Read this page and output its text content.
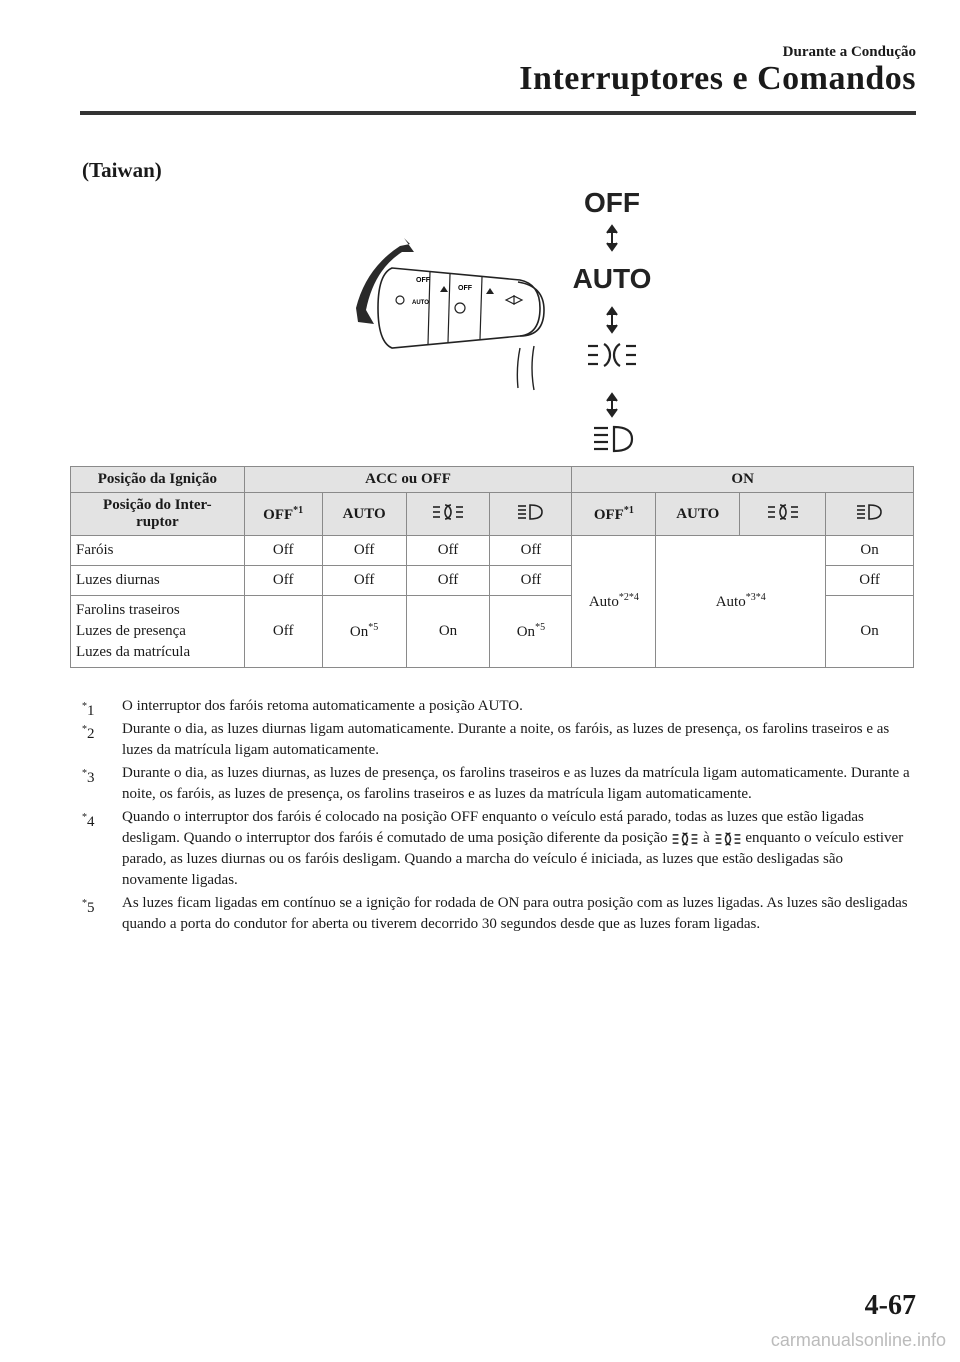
Durante a Condução
Interruptores e Comandos
(Taiwan)
OFF
AUTO
OFF
AUTO
OFF
Posição da Ignição	ACC ou OFF				ON			
Posição do Inter-
ruptor	OFF$^{*1}$	AUTO			OFF$^{*1}$	AUTO		
Faróis	Off	Off	Off	Off	Auto$^{*2*4}$	Auto$^{*3*4}$		On
Luzes diurnas	Off	Off	Off	Off				Off

Farolins traseiros
Luzes de presença
Luzes da matrícula	Off	On$^{*5}$	On	On$^{*5}$				On
*1 O interruptor dos faróis retoma automaticamente a posição AUTO.
*2 Durante o dia, as luzes diurnas ligam automaticamente. Durante a noite, os faróis, as luzes de presença, os farolins traseiros e as luzes da matrícula ligam automaticamente.
*3 Durante o dia, as luzes diurnas, as luzes de presença, os farolins traseiros e as luzes da matrícula ligam automaticamente. Durante a noite, os faróis, as luzes de presença, os farolins traseiros e as luzes da matrícula ligam automaticamente.
*4 Quando o interruptor dos faróis é colocado na posição OFF enquanto o veículo está parado, todas as luzes que estão ligadas desligam. Quando o interruptor dos faróis é comutado de uma posição diferente da posição à enquanto o veículo estiver parado, as luzes diurnas ou os faróis desligam. Quando a marcha do veículo é iniciada, as luzes que estão desligadas são novamente ligadas.
*5 As luzes ficam ligadas em contínuo se a ignição for rodada de ON para outra posição com as luzes ligadas. As luzes são desligadas quando a porta do condutor for aberta ou tiverem decorrido 30 segundos desde que as luzes foram ligadas.
4-67
carmanualsonline.info
